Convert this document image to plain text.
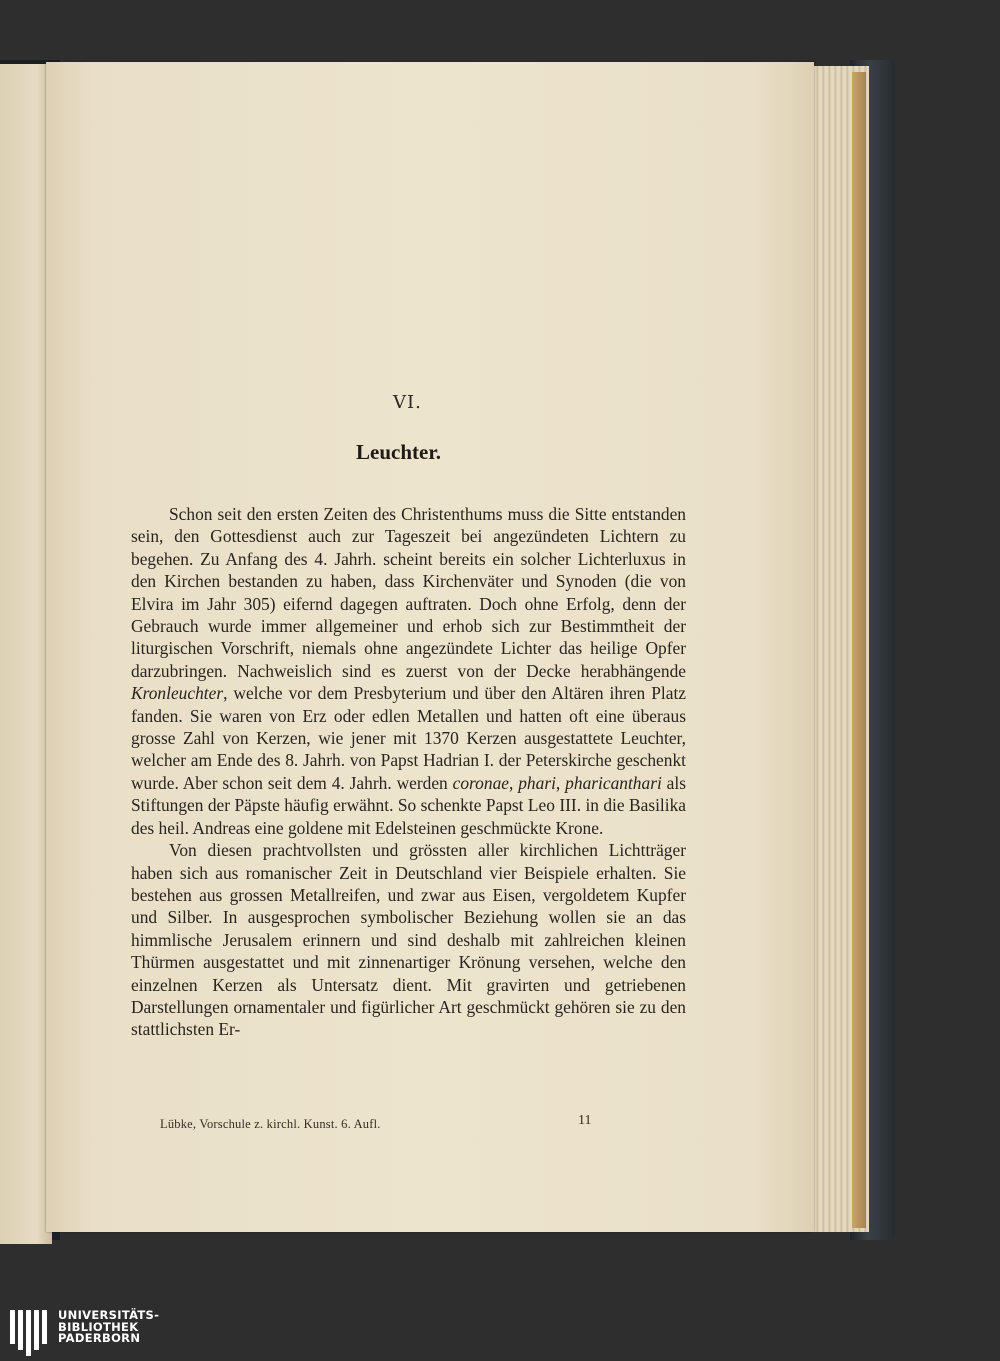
VI.
Leuchter.

Schon seit den ersten Zeiten des Christenthums muss die Sitte entstanden sein, den Gottesdienst auch zur Tageszeit bei angezündeten Lichtern zu begehen. Zu Anfang des 4. Jahrh. scheint bereits ein solcher Lichterluxus in den Kirchen bestanden zu haben, dass Kirchenväter und Synoden (die von Elvira im Jahr 305) eifernd dagegen auftraten. Doch ohne Erfolg, denn der Gebrauch wurde immer allgemeiner und erhob sich zur Bestimmtheit der liturgischen Vorschrift, niemals ohne angezündete Lichter das heilige Opfer darzubringen. Nachweislich sind es zuerst von der Decke herabhängende Kronleuchter, welche vor dem Presbyterium und über den Altären ihren Platz fanden. Sie waren von Erz oder edlen Metallen und hatten oft eine überaus grosse Zahl von Kerzen, wie jener mit 1370 Kerzen ausgestattete Leuchter, welcher am Ende des 8. Jahrh. von Papst Hadrian I. der Peterskirche geschenkt wurde. Aber schon seit dem 4. Jahrh. werden coronae, phari, pharicanthari als Stiftungen der Päpste häufig erwähnt. So schenkte Papst Leo III. in die Basilika des heil. Andreas eine goldene mit Edelsteinen geschmückte Krone.

Von diesen prachtvollsten und grössten aller kirchlichen Lichtträger haben sich aus romanischer Zeit in Deutschland vier Beispiele erhalten. Sie bestehen aus grossen Metallreifen, und zwar aus Eisen, vergoldetem Kupfer und Silber. In ausgesprochen symbolischer Beziehung wollen sie an das himmlische Jerusalem erinnern und sind deshalb mit zahlreichen kleinen Thürmen ausgestattet und mit zinnenartiger Krönung versehen, welche den einzelnen Kerzen als Untersatz dient. Mit gravirten und getriebenen Darstellungen ornamentaler und figürlicher Art geschmückt gehören sie zu den stattlichsten Er-

Lübke, Vorschule z. kirchl. Kunst. 6. Aufl.	11
UNIVERSITÄTS-
BIBLIOTHEK
PADERBORN
